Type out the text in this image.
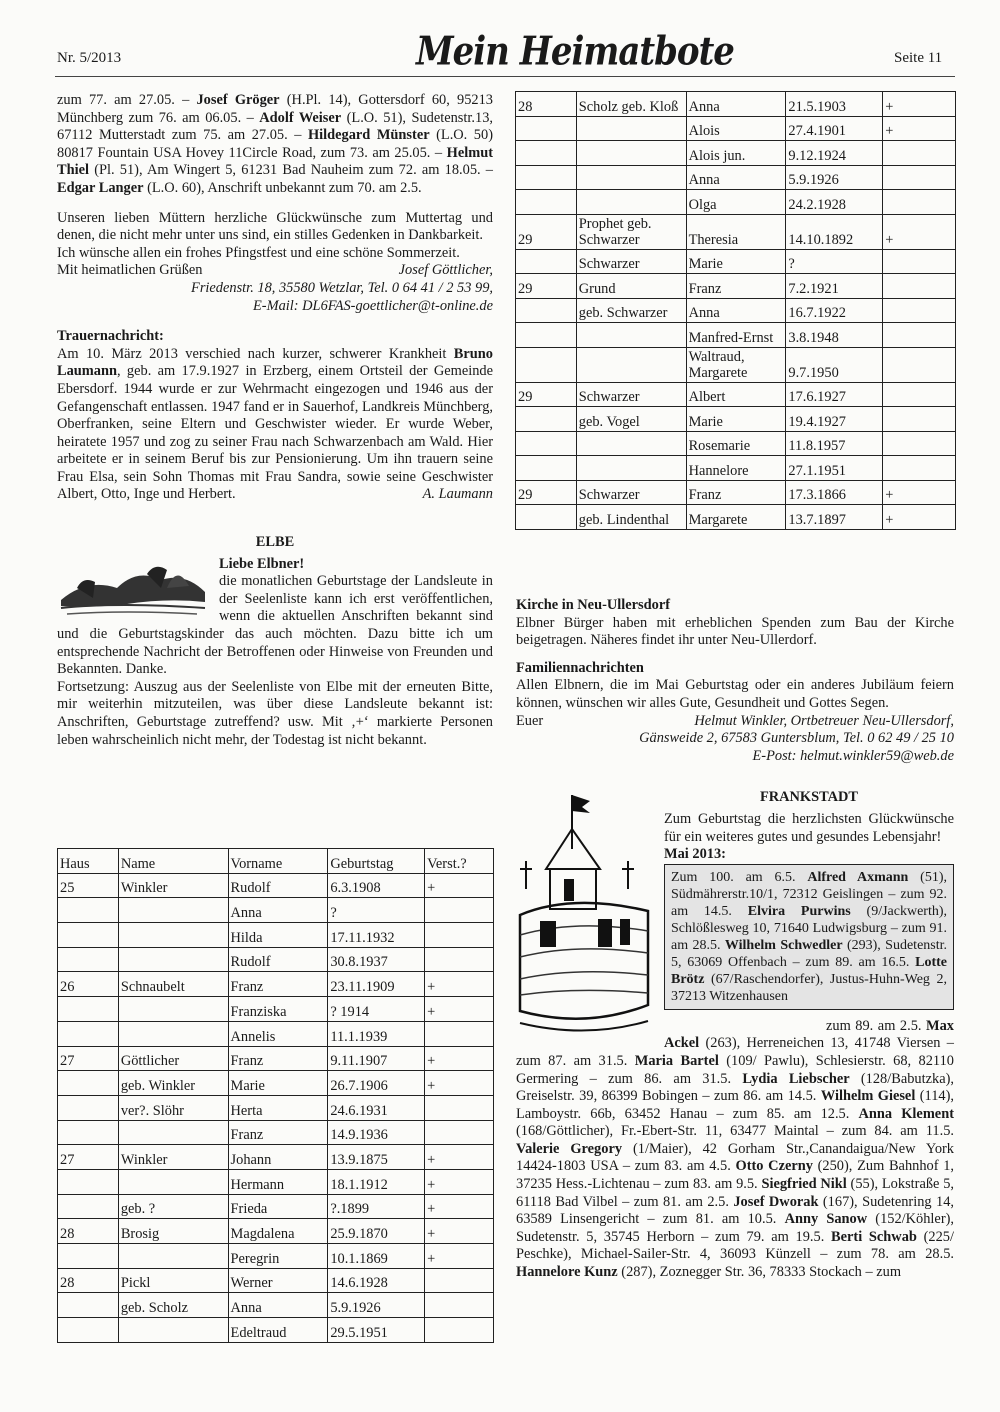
Nr. 5/2013	Mein Heimatbote	Seite 11

zum 77. am 27.05. – Josef Gröger (H.Pl. 14), Gottersdorf 60, 95213 Münchberg zum 76. am 06.05. – Adolf Weiser (L.O. 51), Sudetenstr.13, 67112 Mutterstadt zum 75. am 27.05. – Hildegard Münster (L.O. 50) 80817 Fountain USA Hovey 11Circle Road, zum 73. am 25.05. – Helmut Thiel (Pl. 51), Am Wingert 5, 61231 Bad Nauheim zum 72. am 18.05. – Edgar Langer (L.O. 60), Anschrift unbekannt zum 70. am 2.5.

Unseren lieben Müttern herzliche Glückwünsche zum Muttertag und denen, die nicht mehr unter uns sind, ein stilles Gedenken in Dankbarkeit.

Ich wünsche allen ein frohes Pfingstfest und eine schöne Sommerzeit.

Mit heimatlichen Grüßen	Josef Göttlicher,

Friedenstr. 18, 35580 Wetzlar, Tel. 0 64 41 / 2 53 99,

E-Mail: DL6FAS-goettlicher@t-online.de

Trauernachricht:

Am 10. März 2013 verschied nach kurzer, schwerer Krankheit Bruno Laumann, geb. am 17.9.1927 in Erzberg, einem Ortsteil der Gemeinde Ebersdorf. 1944 wurde er zur Wehrmacht eingezogen und 1946 aus der Gefangenschaft entlassen. 1947 fand er in Sauerhof, Landkreis Münchberg, Oberfranken, seine Eltern und Geschwister wieder. Er wurde Weber, heiratete 1957 und zog zu seiner Frau nach Schwarzenbach am Wald. Hier arbeitete er in seinem Beruf bis zur Pensionierung. Um ihn trauern seine Frau Elsa, sein Sohn Thomas mit Frau Sandra, sowie seine Geschwister Albert, Otto, Inge und Herbert.	A. Laumann

ELBE

Liebe Elbner!

die monatlichen Geburtstage der Landsleute in der Seelenliste kann ich erst veröffentlichen, wenn die aktuellen Anschriften bekannt sind und die Geburtstagskinder das auch möchten. Dazu bitte ich um entsprechende Nachricht der Betroffenen oder Hinweise von Freunden und Bekannten. Danke.

Fortsetzung: Auszug aus der Seelenliste von Elbe mit der erneuten Bitte, mir weiterhin mitzuteilen, was über diese Landsleute bekannt ist: Anschriften, Geburtstage zutreffend? usw. Mit ‚+‘ markierte Personen leben wahrscheinlich nicht mehr, der Todestag ist nicht bekannt.

Haus	Name	Vorname	Geburtstag	Verst.?
25	Winkler	Rudolf	6.3.1908	+
		Anna	?	
		Hilda	17.11.1932	
		Rudolf	30.8.1937	
26	Schnaubelt	Franz	23.11.1909	+
		Franziska	? 1914	+
		Annelis	11.1.1939	
27	Göttlicher	Franz	9.11.1907	+
	geb. Winkler	Marie	26.7.1906	+
	ver?. Slöhr	Herta	24.6.1931	
		Franz	14.9.1936	
27	Winkler	Johann	13.9.1875	+
		Hermann	18.1.1912	+
	geb. ?	Frieda	?.1899	+
28	Brosig	Magdalena	25.9.1870	+
		Peregrin	10.1.1869	+
28	Pickl	Werner	14.6.1928	
	geb. Scholz	Anna	5.9.1926	
		Edeltraud	29.5.1951	
28	Scholz geb. Kloß	Anna	21.5.1903	+
		Alois	27.4.1901	+
		Alois jun.	9.12.1924	
		Anna	5.9.1926	
		Olga	24.2.1928	
29	Prophet geb. Schwarzer	Theresia	14.10.1892	+
	Schwarzer	Marie	?	
29	Grund	Franz	7.2.1921	
	geb. Schwarzer	Anna	16.7.1922	
		Manfred-Ernst	3.8.1948	
		Waltraud, Margarete	9.7.1950	
29	Schwarzer	Albert	17.6.1927	
	geb. Vogel	Marie	19.4.1927	
		Rosemarie	11.8.1957	
		Hannelore	27.1.1951	
29	Schwarzer	Franz	17.3.1866	+
	geb. Lindenthal	Margarete	13.7.1897	+

Kirche in Neu-Ullersdorf

Elbner Bürger haben mit erheblichen Spenden zum Bau der Kirche beigetragen. Näheres findet ihr unter Neu-Ullerdorf.

Familiennachrichten

Allen Elbnern, die im Mai Geburtstag oder ein anderes Jubiläum feiern können, wünschen wir alles Gute, Gesundheit und Gottes Segen.

Euer	Helmut Winkler, Ortbetreuer Neu-Ullersdorf,

Gänsweide 2, 67583 Guntersblum, Tel. 0 62 49 / 25 10

E-Post: helmut.winkler59@web.de

FRANKSTADT

Zum Geburtstag die herzlichsten Glückwünsche für ein weiteres gutes und gesundes Lebensjahr!

Mai 2013:

Zum 100. am 6.5. Alfred Axmann (51), Südmährerstr.10/1, 72312 Geislingen – zum 92. am 14.5. Elvira Purwins (9/Jackwerth), Schlößlesweg 10, 71640 Ludwigsburg – zum 91. am 28.5. Wilhelm Schwedler (293), Sudetenstr. 5, 63069 Offenbach – zum 89. am 16.5. Lotte Brötz (67/Raschendorfer), Justus-Huhn-Weg 2, 37213 Witzenhausen

zum 89. am 2.5. Max Ackel (263), Herreneichen 13, 41748 Viersen – zum 87. am 31.5. Maria Bartel (109/ Pawlu), Schlesierstr. 68, 82110 Germering – zum 86. am 31.5. Lydia Liebscher (128/Babutzka), Greiselstr. 39, 86399 Bobingen – zum 86. am 14.5. Wilhelm Giesel (114), Lamboystr. 66b, 63452 Hanau – zum 85. am 12.5. Anna Klement (168/Göttlicher), Fr.-Ebert-Str. 11, 63477 Maintal – zum 84. am 11.5. Valerie Gregory (1/Maier), 42 Gorham Str.,Canandaigua/New York 14424-1803 USA – zum 83. am 4.5. Otto Czerny (250), Zum Bahnhof 1, 37235 Hess.-Lichtenau – zum 83. am 9.5. Siegfried Nikl (55), Lokstraße 5, 61118 Bad Vilbel – zum 81. am 2.5. Josef Dworak (167), Sudetenring 14, 63589 Linsengericht – zum 81. am 10.5. Anny Sanow (152/Köhler), Sudetenstr. 5, 35745 Herborn – zum 79. am 19.5. Berti Schwab (225/ Peschke), Michael-Sailer-Str. 4, 36093 Künzell – zum 78. am 28.5. Hannelore Kunz (287), Zoznegger Str. 36, 78333 Stockach – zum
